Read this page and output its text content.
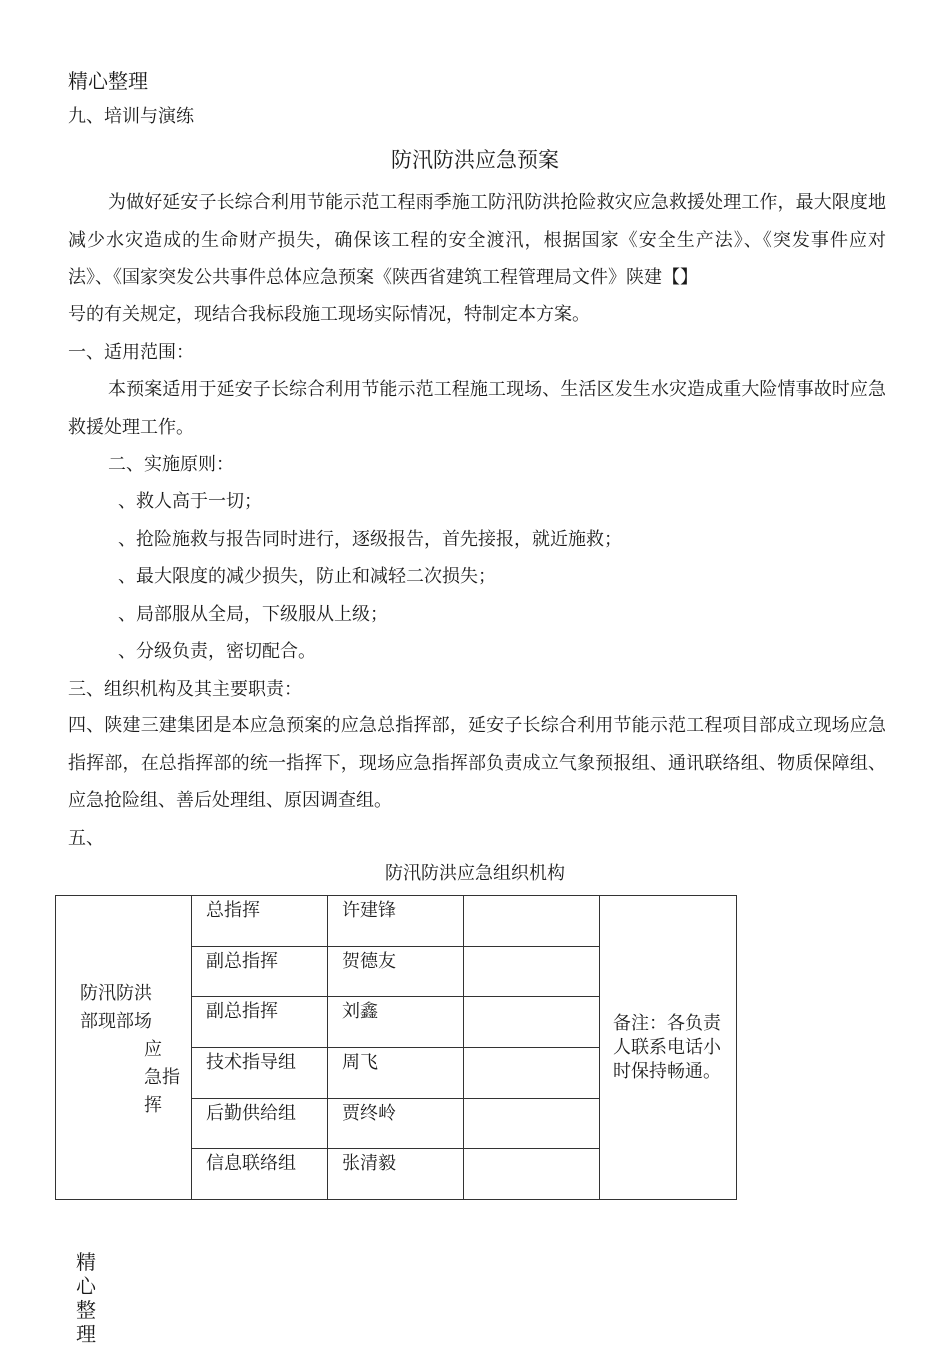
精心整理
九、培训与演练
防汛防洪应急预案
为做好延安子长综合利用节能示范工程雨季施工防汛防洪抢险救灾应急救援处理工作，最大限度地减少水灾造成的生命财产损失，确保该工程的安全渡汛，根据国家《安全生产法》、《突发事件应对法》、《国家突发公共事件总体应急预案《陕西省建筑工程管理局文件》陕建【】
号的有关规定，现结合我标段施工现场实际情况，特制定本方案。
一、适用范围：
本预案适用于延安子长综合利用节能示范工程施工现场、生活区发生水灾造成重大险情事故时应急救援处理工作。
二、实施原则：
、救人高于一切；
、抢险施救与报告同时进行，逐级报告，首先接报，就近施救；
、最大限度的减少损失，防止和减轻二次损失；
、局部服从全局，下级服从上级；
、分级负责，密切配合。
三、组织机构及其主要职责：
四、陕建三建集团是本应急预案的应急总指挥部，延安子长综合利用节能示范工程项目部成立现场应急指挥部，在总指挥部的统一指挥下，现场应急指挥部负责成立气象预报组、通讯联络组、物质保障组、应急抢险组、善后处理组、原因调查组。
五、
防汛防洪应急组织机构
防汛防洪
部现部场
应
急指
挥	总指挥	许建锋		备注：各负责人联系电话小时保持畅通。

	副总指挥	贺德友		

	副总指挥	刘鑫		

	技术指导组	周飞		

	后勤供给组	贾终岭		

	信息联络组	张清毅		

精心整理
